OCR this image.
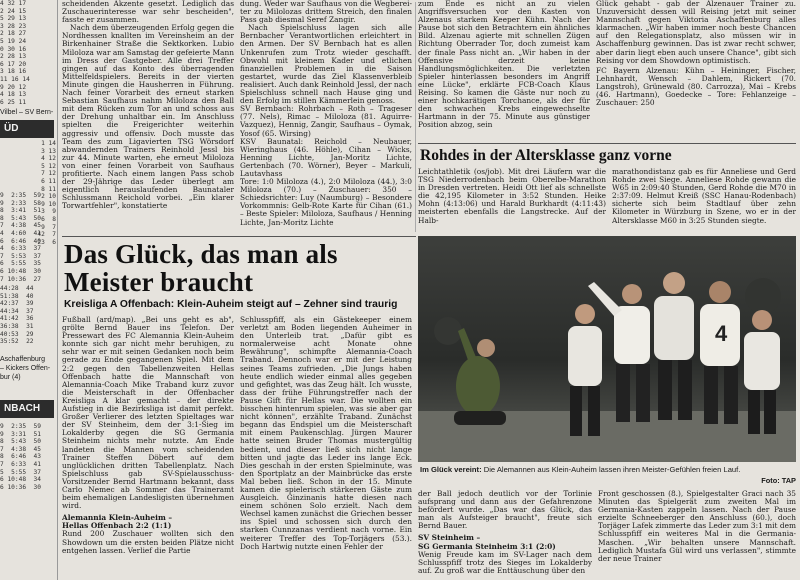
4 32 17
2 24 15
5 29 13
3 28 23
2 18 27
5 19 24
0 30 16
2 28 13
6 17 20
3 18 16
11 16 14
9 20 12
4 18 13
6 25 11
Vilbel – SV Bern-
ÜD
1 14
3 13
4 12
5 12
7 12
6 11
8 11
2 10
9 10
3  9
6  8
9  7
42  7
23  6
9  2:35  59
9  2:33  58
8  3:41  51
8  5:43  50
7  4:38  45
4  4:60  41
6  6:46  40
4  6:33  37
7  5:53  37
6  5:55  35
6 10:48  30
7 10:36  27
44:28  44
51:38  40
42:37  39
44:34  37
41:42  36
36:38  31
40:53  29
35:52  22
Aschaffenburg
– Kickers Offen-
bur (4)
NBACH
9  2:35  59
9  3:31  51
8  5:43  50
7  4:38  45
8  6:46  43
7  6:33  41
5  5:55  37
6 10:48  34
6 10:36  30

scheidenden Akzente gesetzt. Lediglich das Zuschauerinteresse war sehr bescheiden", fasste er zusammen.

Nach dem überzeugenden Erfolg gegen die Nordhessen knallten im Vereinsheim an der Birkenhainer Straße die Sektkorken. Lubio Miloloza war am Samstag der gefeierte Mann im Dress der Gastgeber. Alle drei Treffer gingen auf das Konto des überragenden Mittelfeldspielers. Bereits in der vierten Minute gingen die Hausherren in Führung. Nach feiner Vorarbeit des erneut starken Sebastian Saufhaus nahm Miloloza den Ball mit dem Rücken zum Tor an und schoss aus der Drehung unhaltbar ein. Im Anschluss spielten die Freigerichter weiterhin aggressiv und offensiv. Doch musste das Team des zum Ligavierten TSG Wörsdorf abwandernden Trainers Reinhold Jessl bis zur 44. Minute warten, ehe erneut Miloloza von einer feinen Vorarbeit von Saufhaus profitierte. Nach einem langen Pass schob der 29-Jährige das Leder überlegt am eigentlich herauslaufenden Baunataler Schlussmann Reichold vorbei. „Ein klarer Torwartfehler", konstatierte

dung. Weder war Saufhaus von die Wegberei- ter zu Milolozas drittem Streich, den finalen Pass gab diesmal Seref Zangir.

Nach Spielschluss lagen sich alle Bernbacher Verantwortlichen erleichtert in den Armen. Der SV Bernbach hat es allen Unkenrufen zum Trotz wieder geschafft. Obwohl mit kleinem Kader und etlichen finanziellen Problemen in die Saison gestartet, wurde das Ziel Klassenverbleib realisiert. Auch dank Reinhold Jessl, der nach Spielschluss schnell nach Hause ging und den Erfolg im stillen Kämmerlein genoss.

SV Bernbach: Rohrbach – Roth – Trageser (77. Nels), Rimac – Miloloza (81. Aguirre-Vazquez), Hennig, Zangir, Saufhaus – Oymak, Yosof (65. Wirsing)

KSV Baunatal: Reichold – Neubauer, Wieringhaus (46. Höhle), Cihan – Wicks, Henning Lichte, Jan-Moritz Lichte, Gertenbach (70. Wörner), Beyer – Markuli, Lautavhass

Tore: 1:0 Miloloza (4.), 2:0 Miloloza (44.), 3:0 Miloloza (70.) – Zuschauer: 350 – Schiedsrichter: Luy (Naumburg) – Besondere Vorkommnis: Gelb-Rote Karte für Cihan (61.) – Beste Spieler: Miloloza, Saufhaus / Henning Lichte, Jan-Moritz Lichte

zum Ende es nicht an zu vielen Angriffsversuchen vor den Kasten von Alzenaus starkem Keeper Kühn. Nach der Pause bot sich den Betrachtern ein ähnliches Bild. Alzenau agierte mit schnellen Zügen Richtung Oberrader Tor, doch zumeist kam der finale Pass nicht an. „Wir haben in der Offensive derzeit keine Handlungsmöglichkeiten. Die verletzten Spieler hinterlassen besonders im Angriff eine Lücke", erklärte FCB-Coach Klaus Reising. So kamen die Gäste nur noch zu einer hochkarätigen Torchance, als der für den schwachen Krebs eingewechselte Hartmann in der 75. Minute aus günstiger Position abzog, sein

Glück gehabt - gab der Alzenauer Trainer zu. Unzuversicht dessen will Reising jetzt mit seiner Mannschaft gegen Viktoria Aschaffenburg alles klarmachen. „Wir haben immer noch beste Chancen auf den Relegationsplatz, also müssen wir in Aschaffenburg gewinnen. Das ist zwar recht schwer, aber darin liegt eben auch unsere Chance", gibt sich Reising vor dem Showdown optimistisch.

FC Bayern Alzenau: Kühn – Heininger, Fischer, Lehnhardt, Wensch – Dahlem, Rickert (70. Langstroh), Grünewald (80. Carrozza), Mai – Krebs (46. Hartmann), Goedecke – Tore: Fehlanzeige – Zuschauer: 250

Rohdes in der Altersklasse ganz vorne

Leichtathletik (os/job). Mit drei Läufern war die TSG Niederrodenbach beim Oberelbe-Marathon in Dresden vertreten. Heidi Ott lief als schnellste die 42,195 Kilometer in 3:52 Stunden. Heike Mohn (4:13:06) und Harald Burkhardt (4:11:43) meisterten ebenfalls die Langstrecke. Auf der Halb-

marathondistanz gab es für Anneliese und Gerd Rohde zwei Siege. Anneliese Rohde gewann die W65 in 2:09:40 Stunden, Gerd Rohde die M70 in 2:37:09. Helmut Kreiß (SSC Hanau-Rodenbach) sicherte sich beim Stadtlauf über zehn Kilometer in Würzburg in Szene, wo er in der Altersklasse M60 in 3:25 Stunden siegte.

Das Glück, das man als Meister braucht
Kreisliga A Offenbach: Klein-Auheim steigt auf – Zehner sind traurig
4
Im Glück vereint: Die Alemannen aus Klein-Auheim lassen ihren Meister-Gefühlen freien Lauf.
Foto: TAP

Fußball (ard/map). „Bei uns geht es ab", grölte Bernd Bauer ins Telefon. Der Pressewart des FC Alemannia Klein-Auheim konnte sich gar nicht mehr beruhigen, zu sehr war er mit seinen Gedanken noch beim gerade zu Ende gegangenen Spiel. Mit dem 2:2 gegen den Tabellenzweiten Hellas Offenbach hatte die Mannschaft von Alemannia-Coach Mike Traband kurz zuvor die Meisterschaft in der Offenbacher Kreisliga A klar gemacht – der direkte Aufstieg in die Bezirksliga ist damit perfekt. Großer Verlierer des letzten Spieltages war der SV Steinheim, dem der 3:1-Sieg im Lokalderby gegen die SG Germania Steinheim nichts mehr nutzte. Am Ende landeten die Mannen vom scheidenden Trainer Steffen Döbert auf dem unglücklichen dritten Tabellenplatz. Nach Spielschluss gab SV-Spielausschuss-Vorsitzender Bernd Hartmann bekannt, dass Carlo Nemec ab Sommer das Traineramt beim ehemaligen Landesligisten übernehmen wird.

Alemannia Klein-Auheim –

Hellas Offenbach 2:2 (1:1)

Rund 200 Zuschauer wollten sich den Showdown um die ersten beiden Plätze nicht entgehen lassen. Verlief die Partie

Schlusspfiff, als ein Gästekeeper einem verletzt am Boden liegenden Auheimer in den Unterleib trat. „Dafür gibt es normalerweise acht Monate ohne Bewährung", schimpfte Alemannia-Coach Traband. Dennoch war er mit der Leistung seines Teams zufrieden. „Die Jungs haben heute endlich wieder einmal alles gegeben und gefightet, was das Zeug hält. Ich wusste, dass der frühe Führungstreffer nach der Pause Gift für Hellas war. Die wollten ein bisschen hintenrum spielen, was sie aber gar nicht können", erzählte Traband. Zunächst begann das Endspiel um die Meisterschaft mit einem Paukenschlag. Jürgen Maurer hatte seinen Bruder Thomas mustergültig bedient, und dieser ließ sich nicht lange bitten und jagte das Leder ins lange Eck. Dies geschah in der ersten Spielminute, was den Sportplatz an der Mainbrücke das erste Mal beben ließ. Schon in der 15. Minute kamen die spielerisch stärkeren Gäste zum Ausgleich. Ginzinanis hatte diesen nach einem schönen Solo erzielt. Nach dem Wechsel kamen zunächst die Griechen besser ins Spiel und schossen sich durch den starken Cunnzanas verdient nach vorne. Ein weiterer Treffer des Top-Torjägers (53.). Doch Hartwig nutzte einen Fehler der

der Ball jedoch deutlich vor der Torlinie aufsprang und dann aus der Gefahrenzone befördert wurde. „Das war das Glück, das man als Aufsteiger braucht", freute sich Bernd Bauer.

SV Steinheim –

SG Germania Steinheim 3:1 (2:0)

Wenig Freude kam im SV-Lager nach dem Schlusspfiff trotz des Sieges im Lokalderby auf. Zu groß war die Enttäuschung über den

Front geschossen (8.), Spielgestalter Graci nach 35 Minuten das Spielgerät zum zweiten Mal im Germania-Kasten zappeln lassen. Nach der Pause erzielte Schneeberger den Anschluss (60.), doch Torjäger Lafek zimmerte das Leder zum 3:1 mit dem Schlusspfiff ein weiteres Mal in die Germania-Maschen. „Wir behalten unsere Mannschaft. Lediglich Mustafa Gül wird uns verlassen", stimmte der neue Trainer
